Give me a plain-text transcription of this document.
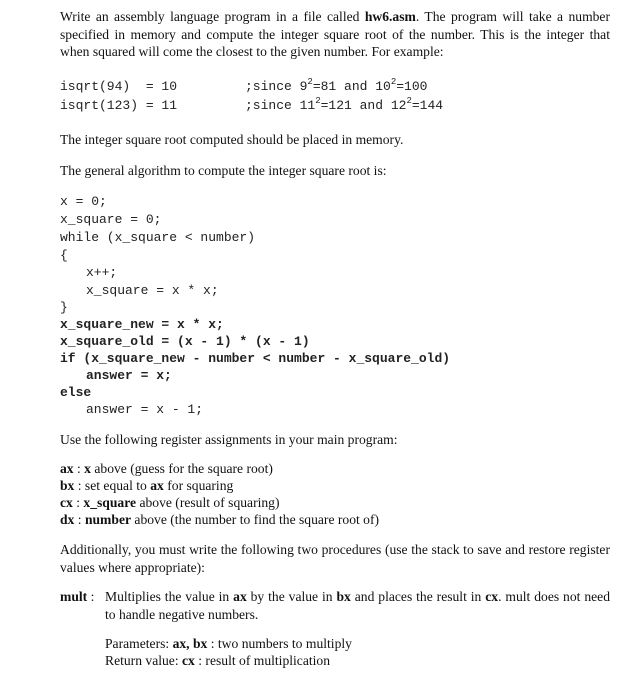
Write an assembly language program in a file called hw6.asm. The program will take a number specified in memory and compute the integer square root of the number. This is the integer that when squared will come the closest to the given number. For example:
isqrt(94)  = 10	;since $9^2=81$ and $10^2=100$
isqrt(123) = 11	;since $11^2=121$ and $12^2=144$
The integer square root computed should be placed in memory.
The general algorithm to compute the integer square root is:
x = 0;
x_square = 0;
while (x_square < number)
{
x++;
x_square = x * x;
}
x_square_new = x * x;
x_square_old = (x - 1) * (x - 1)
if (x_square_new - number < number - x_square_old)
answer = x;
else
answer = x - 1;
Use the following register assignments in your main program:
ax : x above (guess for the square root)
bx : set equal to ax for squaring
cx : x_square above (result of squaring)
dx : number above (the number to find the square root of)
Additionally, you must write the following two procedures (use the stack to save and restore register values where appropriate):
mult : Multiplies the value in ax by the value in bx and places the result in cx. mult does not need to handle negative numbers.
Parameters: ax, bx : two numbers to multiply
Return value: cx : result of multiplication
